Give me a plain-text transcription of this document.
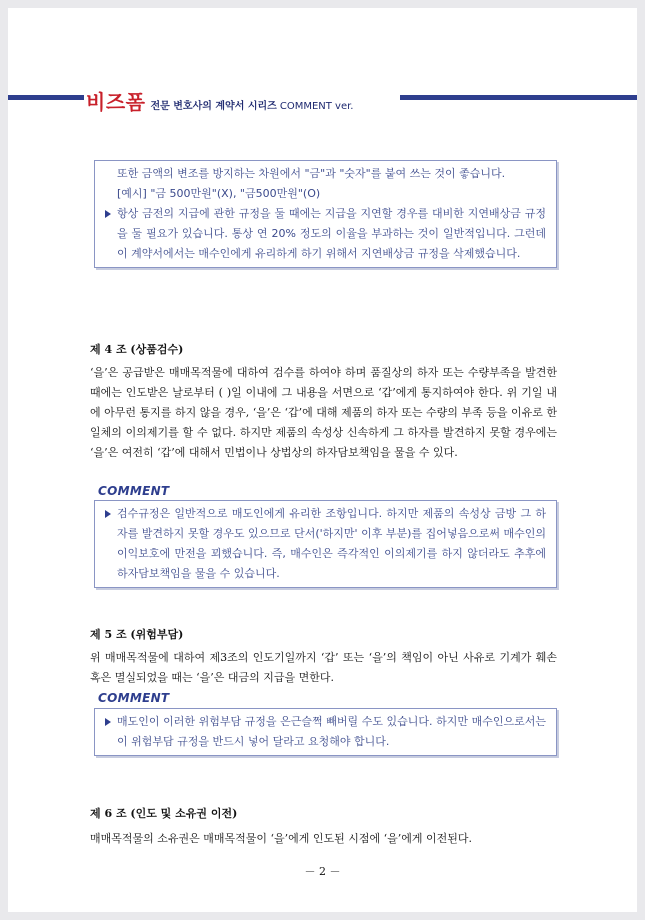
비즈폼 전문 변호사의 계약서 시리즈 COMMENT ver.
또한 금액의 변조를 방지하는 차원에서 "금"과 "숫자"를 붙여 쓰는 것이 좋습니다.
[예시] "금 500만원"(X), "금500만원"(O)
항상 금전의 지급에 관한 규정을 둘 때에는 지급을 지연할 경우를 대비한 지연배상금 규정을 둘 필요가 있습니다. 통상 연 20% 정도의 이율을 부과하는 것이 일반적입니다. 그런데 이 계약서에서는 매수인에게 유리하게 하기 위해서 지연배상금 규정을 삭제했습니다.
제 4 조 (상품검수)
‘을’은 공급받은 매매목적물에 대하여 검수를 하여야 하며 품질상의 하자 또는 수량부족을 발견한 때에는 인도받은 날로부터 ( )일 이내에 그 내용을 서면으로 ‘갑’에게 통지하여야 한다. 위 기일 내에 아무런 통지를 하지 않을 경우, ‘을’은 ‘갑’에 대해 제품의 하자 또는 수량의 부족 등을 이유로 한 일체의 이의제기를 할 수 없다. 하지만 제품의 속성상 신속하게 그 하자를 발견하지 못할 경우에는 ‘을’은 여전히 ‘갑’에 대해서 민법이나 상법상의 하자담보책임을 물을 수 있다.
COMMENT
검수규정은 일반적으로 매도인에게 유리한 조항입니다. 하지만 제품의 속성상 금방 그 하자를 발견하지 못할 경우도 있으므로 단서('하지만' 이후 부분)를 집어넣음으로써 매수인의 이익보호에 만전을 꾀했습니다. 즉, 매수인은 즉각적인 이의제기를 하지 않더라도 추후에 하자담보책임을 물을 수 있습니다.
제 5 조 (위험부담)
위 매매목적물에 대하여 제3조의 인도기일까지 ‘갑’ 또는 ‘을’의 책임이 아닌 사유로 기계가 훼손 혹은 멸실되었을 때는 ‘을’은 대금의 지급을 면한다.
COMMENT
매도인이 이러한 위험부담 규정을 은근슬쩍 빼버릴 수도 있습니다. 하지만 매수인으로서는 이 위험부담 규정을 반드시 넣어 달라고 요청해야 합니다.
제 6 조 (인도 및 소유권 이전)
매매목적물의 소유권은 매매목적물이 ‘을’에게 인도된 시점에 ‘을’에게 이전된다.
－ 2 －
